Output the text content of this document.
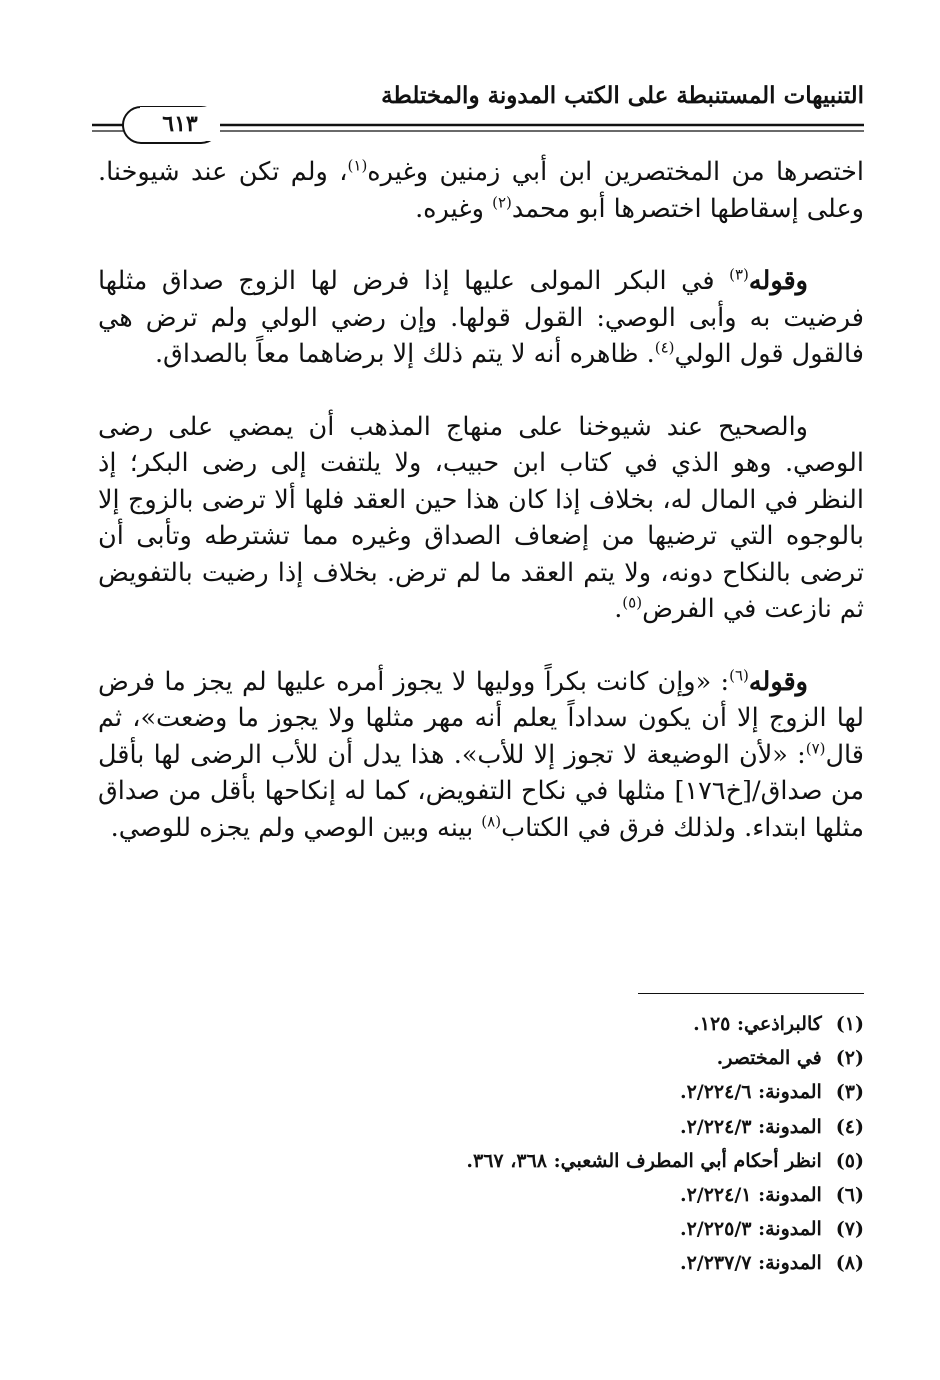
التنبيهات المستنبطة على الكتب المدونة والمختلطة
٦١٣

اختصرها من المختصرين ابن أبي زمنين وغيره$^{(١)}$، ولم تكن عند شيوخنا. وعلى إسقاطها اختصرها أبو محمد$^{(٢)}$ وغيره.

وقوله$^{(٣)}$ في البكر المولى عليها إذا فرض لها الزوج صداق مثلها فرضيت به وأبى الوصي: القول قولها. وإن رضي الولي ولم ترض هي فالقول قول الولي$^{(٤)}$. ظاهره أنه لا يتم ذلك إلا برضاهما معاً بالصداق.

والصحيح عند شيوخنا على منهاج المذهب أن يمضي على رضى الوصي. وهو الذي في كتاب ابن حبيب، ولا يلتفت إلى رضى البكر؛ إذ النظر في المال له، بخلاف إذا كان هذا حين العقد فلها ألا ترضى بالزوج إلا بالوجوه التي ترضيها من إضعاف الصداق وغيره مما تشترطه وتأبى أن ترضى بالنكاح دونه، ولا يتم العقد ما لم ترض. بخلاف إذا رضيت بالتفويض ثم نازعت في الفرض$^{(٥)}$.

وقوله$^{(٦)}$: «وإن كانت بكراً ووليها لا يجوز أمره عليها لم يجز ما فرض لها الزوج إلا أن يكون سداداً يعلم أنه مهر مثلها ولا يجوز ما وضعت»، ثم قال$^{(٧)}$: «لأن الوضيعة لا تجوز إلا للأب». هذا يدل أن للأب الرضى لها بأقل من صداق/[خ١٧٦] مثلها في نكاح التفويض، كما له إنكاحها بأقل من صداق مثلها ابتداء. ولذلك فرق في الكتاب$^{(٨)}$ بينه وبين الوصي ولم يجزه للوصي.

(١)كالبراذعي: ١٢٥.
(٢)في المختصر.
(٣)المدونة: ٢/٢٢٤/٦.
(٤)المدونة: ٢/٢٢٤/٣.
(٥)انظر أحكام أبي المطرف الشعبي: ٣٦٨، ٣٦٧.
(٦)المدونة: ٢/٢٢٤/١.
(٧)المدونة: ٢/٢٢٥/٣.
(٨)المدونة: ٢/٢٣٧/٧.
